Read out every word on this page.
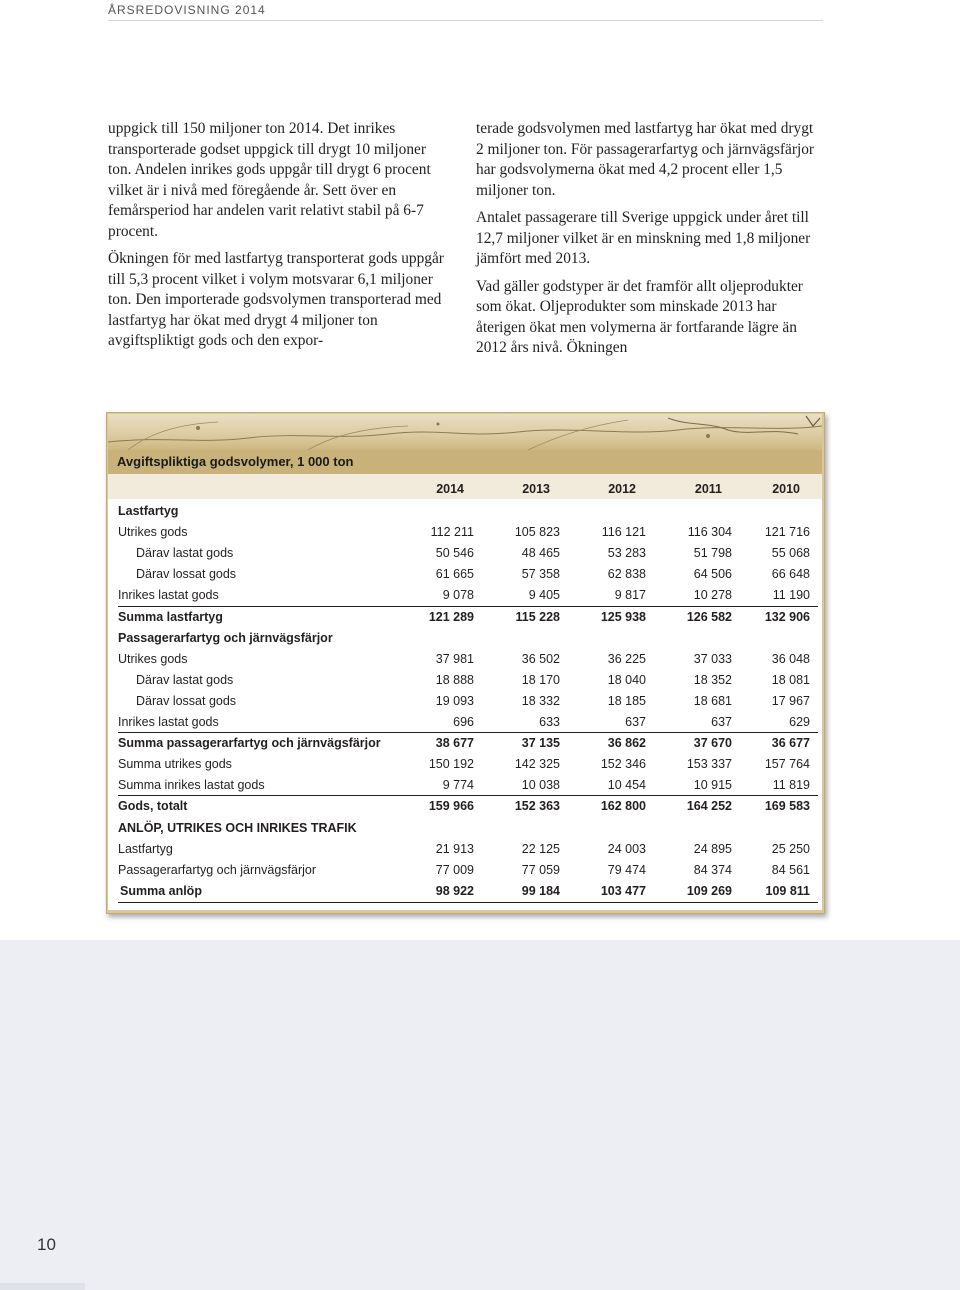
ÅRSREDOVISNING 2014

uppgick till 150 miljoner ton 2014. Det inrikes transporterade godset uppgick till drygt 10 miljoner ton. Andelen inrikes gods uppgår till drygt 6 procent vilket är i nivå med föregående år. Sett över en femårsperiod har andelen varit relativt stabil på 6-7 procent.

Ökningen för med lastfartyg transporterat gods uppgår till 5,3 procent vilket i volym motsvarar 6,1 miljoner ton. Den importerade godsvolymen transporterad med lastfartyg har ökat med drygt 4 miljoner ton avgiftspliktigt gods och den expor-

terade godsvolymen med lastfartyg har ökat med drygt 2 miljoner ton. För passagerarfartyg och järnvägsfärjor har godsvolymerna ökat med 4,2 procent eller 1,5 miljoner ton.

Antalet passagerare till Sverige uppgick under året till 12,7 miljoner vilket är en minskning med 1,8 miljoner jämfört med 2013.

Vad gäller godstyper är det framför allt oljeprodukter som ökat. Oljeprodukter som minskade 2013 har återigen ökat men volymerna är fortfarande lägre än 2012 års nivå. Ökningen

Avgiftspliktiga godsvolymer, 1 000 ton
2014	2013	2012	2011	2010
Lastfartyg
Utrikes gods	112 211	105 823	116 121	116 304	121 716
Därav lastat gods	50 546	48 465	53 283	51 798	55 068
Därav lossat gods	61 665	57 358	62 838	64 506	66 648
Inrikes lastat gods	9 078	9 405	9 817	10 278	11 190
Summa lastfartyg	121 289	115 228	125 938	126 582	132 906
Passagerarfartyg och järnvägsfärjor
Utrikes gods	37 981	36 502	36 225	37 033	36 048
Därav lastat gods	18 888	18 170	18 040	18 352	18 081
Därav lossat gods	19 093	18 332	18 185	18 681	17 967
Inrikes lastat gods	696	633	637	637	629
Summa passagerarfartyg och järnvägsfärjor	38 677	37 135	36 862	37 670	36 677
Summa utrikes gods	150 192	142 325	152 346	153 337	157 764
Summa inrikes lastat gods	9 774	10 038	10 454	10 915	11 819
Gods, totalt	159 966	152 363	162 800	164 252	169 583
ANLÖP, UTRIKES OCH INRIKES TRAFIK
Lastfartyg	21 913	22 125	24 003	24 895	25 250
Passagerarfartyg och järnvägsfärjor	77 009	77 059	79 474	84 374	84 561
Summa anlöp	98 922	99 184	103 477	109 269	109 811
10
